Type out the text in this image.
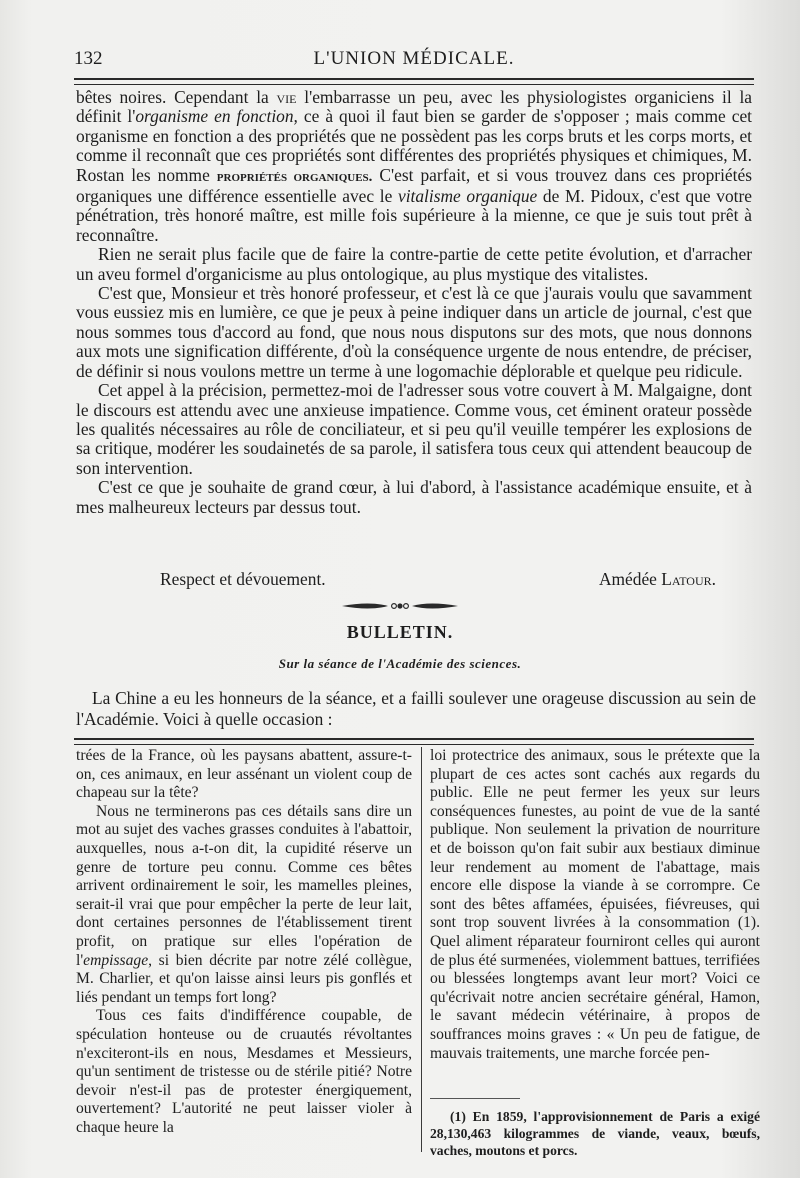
132	L'UNION MÉDICALE.

bêtes noires. Cependant la vie l'embarrasse un peu, avec les physiologistes organiciens il la définit l'organisme en fonction, ce à quoi il faut bien se garder de s'opposer ; mais comme cet organisme en fonction a des propriétés que ne possèdent pas les corps bruts et les corps morts, et comme il reconnaît que ces propriétés sont différentes des propriétés physiques et chimiques, M. Rostan les nomme propriétés organiques. C'est parfait, et si vous trouvez dans ces propriétés organiques une différence essentielle avec le vitalisme organique de M. Pidoux, c'est que votre pénétration, très honoré maître, est mille fois supérieure à la mienne, ce que je suis tout prêt à reconnaître.

Rien ne serait plus facile que de faire la contre-partie de cette petite évolution, et d'arracher un aveu formel d'organicisme au plus ontologique, au plus mystique des vitalistes.

C'est que, Monsieur et très honoré professeur, et c'est là ce que j'aurais voulu que savamment vous eussiez mis en lumière, ce que je peux à peine indiquer dans un article de journal, c'est que nous sommes tous d'accord au fond, que nous nous disputons sur des mots, que nous donnons aux mots une signification différente, d'où la conséquence urgente de nous entendre, de préciser, de définir si nous voulons mettre un terme à une logomachie déplorable et quelque peu ridicule.

Cet appel à la précision, permettez-moi de l'adresser sous votre couvert à M. Malgaigne, dont le discours est attendu avec une anxieuse impatience. Comme vous, cet éminent orateur possède les qualités nécessaires au rôle de conciliateur, et si peu qu'il veuille tempérer les explosions de sa critique, modérer les soudainetés de sa parole, il satisfera tous ceux qui attendent beaucoup de son intervention.

C'est ce que je souhaite de grand cœur, à lui d'abord, à l'assistance académique ensuite, et à mes malheureux lecteurs par dessus tout.

Respect et dévouement.	Amédée Latour.
BULLETIN.
Sur la séance de l'Académie des sciences.

La Chine a eu les honneurs de la séance, et a failli soulever une orageuse discussion au sein de l'Académie. Voici à quelle occasion :

trées de la France, où les paysans abattent, assure-t-on, ces animaux, en leur assénant un violent coup de chapeau sur la tête?

Nous ne terminerons pas ces détails sans dire un mot au sujet des vaches grasses conduites à l'abattoir, auxquelles, nous a-t-on dit, la cupidité réserve un genre de torture peu connu. Comme ces bêtes arrivent ordinairement le soir, les mamelles pleines, serait-il vrai que pour empêcher la perte de leur lait, dont certaines personnes de l'établissement tirent profit, on pratique sur elles l'opération de l'empissage, si bien décrite par notre zélé collègue, M. Charlier, et qu'on laisse ainsi leurs pis gonflés et liés pendant un temps fort long?

Tous ces faits d'indifférence coupable, de spéculation honteuse ou de cruautés révoltantes n'exciteront-ils en nous, Mesdames et Messieurs, qu'un sentiment de tristesse ou de stérile pitié? Notre devoir n'est-il pas de protester énergiquement, ouvertement? L'autorité ne peut laisser violer à chaque heure la

loi protectrice des animaux, sous le prétexte que la plupart de ces actes sont cachés aux regards du public. Elle ne peut fermer les yeux sur leurs conséquences funestes, au point de vue de la santé publique. Non seulement la privation de nourriture et de boisson qu'on fait subir aux bestiaux diminue leur rendement au moment de l'abattage, mais encore elle dispose la viande à se corrompre. Ce sont des bêtes affamées, épuisées, fiévreuses, qui sont trop souvent livrées à la consommation (1). Quel aliment réparateur fourniront celles qui auront de plus été surmenées, violemment battues, terrifiées ou blessées longtemps avant leur mort? Voici ce qu'écrivait notre ancien secrétaire général, Hamon, le savant médecin vétérinaire, à propos de souffrances moins graves : « Un peu de fatigue, de mauvais traitements, une marche forcée pen-

(1) En 1859, l'approvisionnement de Paris a exigé 28,130,463 kilogrammes de viande, veaux, bœufs, vaches, moutons et porcs.
